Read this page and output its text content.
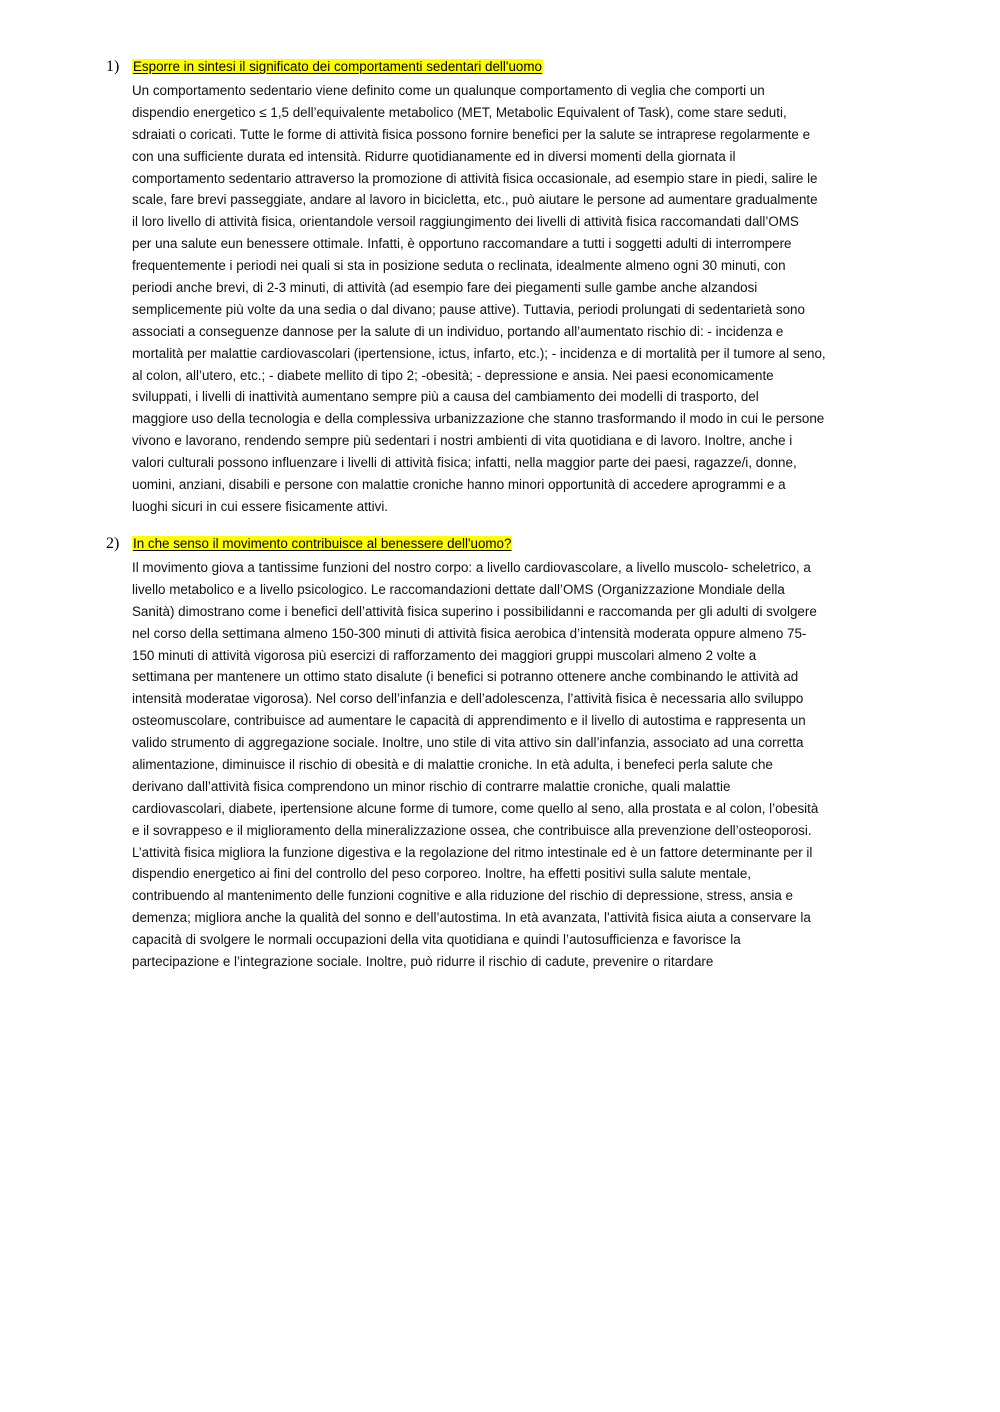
1)	Esporre in sintesi il significato dei comportamenti sedentari dell'uomo
Un comportamento sedentario viene definito come un qualunque comportamento di veglia che comporti un
dispendio energetico ≤ 1,5 dell’equivalente metabolico (MET, Metabolic Equivalent of Task), come stare seduti,
sdraiati o coricati. Tutte le forme di attività fisica possono fornire benefici per la salute se intraprese regolarmente e
con una sufficiente durata ed intensità. Ridurre quotidianamente ed in diversi momenti della giornata il
comportamento sedentario attraverso la promozione di attività fisica occasionale, ad esempio stare in piedi, salire le
scale, fare brevi passeggiate, andare al lavoro in bicicletta, etc., può aiutare le persone ad aumentare gradualmente
il loro livello di attività fisica, orientandole versoil raggiungimento dei livelli di attività fisica raccomandati dall’OMS
per una salute eun benessere ottimale. Infatti, è opportuno raccomandare a tutti i soggetti adulti di interrompere
frequentemente i periodi nei quali si sta in posizione seduta o reclinata, idealmente almeno ogni 30 minuti, con
periodi anche brevi, di 2-3 minuti, di attività (ad esempio fare dei piegamenti sulle gambe anche alzandosi
semplicemente più volte da una sedia o dal divano; pause attive). Tuttavia, periodi prolungati di sedentarietà sono
associati a conseguenze dannose per la salute di un individuo, portando all’aumentato rischio di: - incidenza e
mortalità per malattie cardiovascolari (ipertensione, ictus, infarto, etc.); - incidenza e di mortalità per il tumore al seno,
al colon, all’utero, etc.; - diabete mellito di tipo 2; -obesità; - depressione e ansia. Nei paesi economicamente
sviluppati, i livelli di inattività aumentano sempre più a causa del cambiamento dei modelli di trasporto, del
maggiore uso della tecnologia e della complessiva urbanizzazione che stanno trasformando il modo in cui le persone
vivono e lavorano, rendendo sempre più sedentari i nostri ambienti di vita quotidiana e di lavoro. Inoltre, anche i
valori culturali possono influenzare i livelli di attività fisica; infatti, nella maggior parte dei paesi, ragazze/i, donne,
uomini, anziani, disabili e persone con malattie croniche hanno minori opportunità di accedere aprogrammi e a
luoghi sicuri in cui essere fisicamente attivi.
2)	In che senso il movimento contribuisce al benessere dell'uomo?
Il movimento giova a tantissime funzioni del nostro corpo: a livello cardiovascolare, a livello muscolo- scheletrico, a
livello metabolico e a livello psicologico. Le raccomandazioni dettate dall’OMS (Organizzazione Mondiale della
Sanità) dimostrano come i benefici dell’attività fisica superino i possibilidanni e raccomanda per gli adulti di svolgere
nel corso della settimana almeno 150-300 minuti di attività fisica aerobica d’intensità moderata oppure almeno 75-
150 minuti di attività vigorosa più esercizi di rafforzamento dei maggiori gruppi muscolari almeno 2 volte a
settimana per mantenere un ottimo stato disalute (i benefici si potranno ottenere anche combinando le attività ad
intensità moderatae vigorosa). Nel corso dell’infanzia e dell’adolescenza, l’attività fisica è necessaria allo sviluppo
osteomuscolare, contribuisce ad aumentare le capacità di apprendimento e il livello di autostima e rappresenta un
valido strumento di aggregazione sociale. Inoltre, uno stile di vita attivo sin dall’infanzia, associato ad una corretta
alimentazione, diminuisce il rischio di obesità e di malattie croniche. In età adulta, i benefeci perla salute che
derivano dall’attività fisica comprendono un minor rischio di contrarre malattie croniche, quali malattie
cardiovascolari, diabete, ipertensione alcune forme di tumore, come quello al seno, alla prostata e al colon, l’obesità
e il sovrappeso e il miglioramento della mineralizzazione ossea, che contribuisce alla prevenzione dell’osteoporosi.
L’attività fisica migliora la funzione digestiva e la regolazione del ritmo intestinale ed è un fattore determinante per il
dispendio energetico ai fini del controllo del peso corporeo. Inoltre, ha effetti positivi sulla salute mentale,
contribuendo al mantenimento delle funzioni cognitive e alla riduzione del rischio di depressione, stress, ansia e
demenza; migliora anche la qualità del sonno e dell’autostima. In età avanzata, l’attività fisica aiuta a conservare la
capacità di svolgere le normali occupazioni della vita quotidiana e quindi l’autosufficienza e favorisce la
partecipazione e l’integrazione sociale. Inoltre, può ridurre il rischio di cadute, prevenire o ritardare
